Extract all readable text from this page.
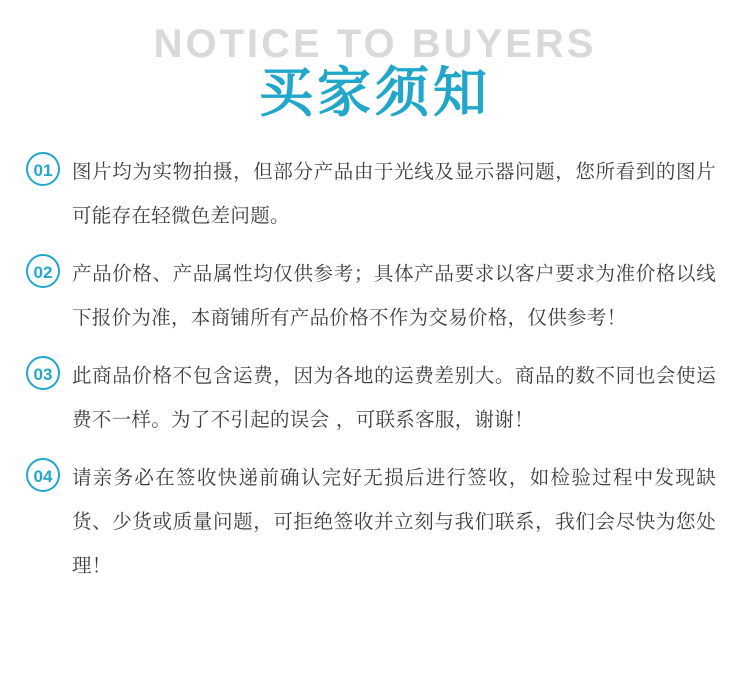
NOTICE TO BUYERS
买家须知
01	图片均为实物拍摄，但部分产品由于光线及显示器问题，您所看到的图片可能存在轻微色差问题。
02	产品价格、产品属性均仅供参考；具体产品要求以客户要求为准价格以线下报价为准，本商铺所有产品价格不作为交易价格，仅供参考！
03	此商品价格不包含运费，因为各地的运费差别大。商品的数不同也会使运费不一样。为了不引起的误会 ，可联系客服，谢谢！
04	请亲务必在签收快递前确认完好无损后进行签收，如检验过程中发现缺货、少货或质量问题，可拒绝签收并立刻与我们联系，我们会尽快为您处理！
